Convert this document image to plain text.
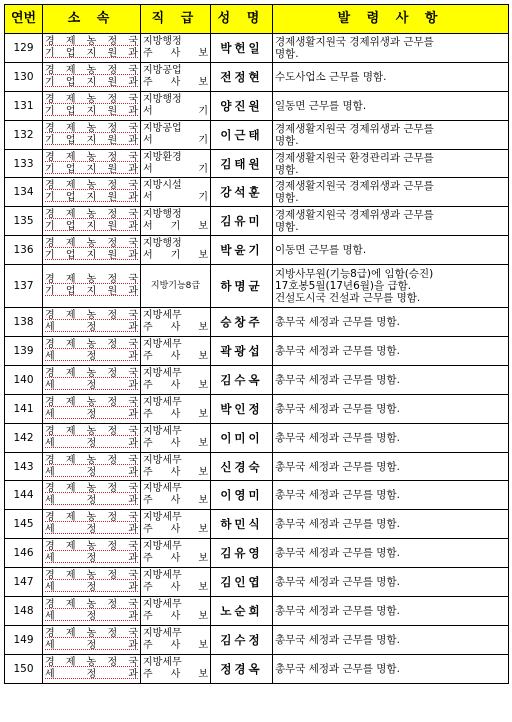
연번	소 속	직 급	성 명	발 령 사 항
129	경 제 농 정 국
기 업 지 원 과	지방행정
주 사 보	박헌일	경제생활지원국 경제위생과 근무를
명함.

130	경 제 농 정 국
기 업 지 원 과	지방공업
주 사 보	전정현	수도사업소 근무를 명함.

131	경 제 농 정 국
기 업 지 원 과	지방행정
서 기	양진원	일동면 근무를 명함.

132	경 제 농 정 국
기 업 지 원 과	지방공업
서 기	이근태	경제생활지원국 경제위생과 근무를
명함.

133	경 제 농 정 국
기 업 지 원 과	지방환경
서 기	김태원	경제생활지원국 환경관리과 근무를
명함.

134	경 제 농 정 국
기 업 지 원 과	지방시설
서 기	강석훈	경제생활지원국 경제위생과 근무를
명함.

135	경 제 농 정 국
기 업 지 원 과	지방행정
서 기 보	김유미	경제생활지원국 경제위생과 근무를
명함.

136	경 제 농 정 국
기 업 지 원 과	지방행정
서 기 보	박윤기	이동면 근무를 명함.

137	경 제 농 정 국
기 업 지 원 과	지방기능8급	하명균	지방사무원(기능8급)에 임함(승진)
17호봉5월(17년6월)을 급함.
건설도시국 건설과 근무를 명함.

138	경 제 농 정 국
세 정 과	지방세무
주 사 보	승창주	총무국 세정과 근무를 명함.

139	경 제 농 정 국
세 정 과	지방세무
주 사 보	곽광섭	총무국 세정과 근무를 명함.

140	경 제 농 정 국
세 정 과	지방세무
주 사 보	김수옥	총무국 세정과 근무를 명함.

141	경 제 농 정 국
세 정 과	지방세무
주 사 보	박인정	총무국 세정과 근무를 명함.

142	경 제 농 정 국
세 정 과	지방세무
주 사 보	이미이	총무국 세정과 근무를 명함.

143	경 제 농 정 국
세 정 과	지방세무
주 사 보	신경숙	총무국 세정과 근무를 명함.

144	경 제 농 정 국
세 정 과	지방세무
주 사 보	이영미	총무국 세정과 근무를 명함.

145	경 제 농 정 국
세 정 과	지방세무
주 사 보	하민식	총무국 세정과 근무를 명함.

146	경 제 농 정 국
세 정 과	지방세무
주 사 보	김유영	총무국 세정과 근무를 명함.

147	경 제 농 정 국
세 정 과	지방세무
주 사 보	김인엽	총무국 세정과 근무를 명함.

148	경 제 농 정 국
세 정 과	지방세무
주 사 보	노순희	총무국 세정과 근무를 명함.

149	경 제 농 정 국
세 정 과	지방세무
주 사 보	김수정	총무국 세정과 근무를 명함.

150	경 제 농 정 국
세 정 과	지방세무
주 사 보	정경옥	총무국 세정과 근무를 명함.
